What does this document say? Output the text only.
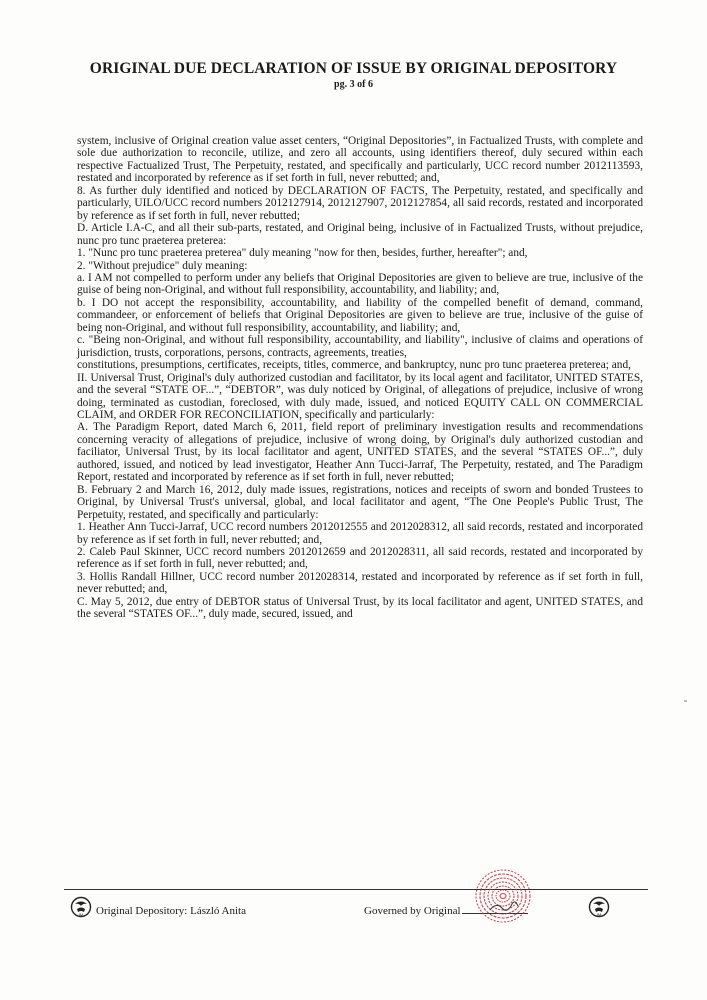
ORIGINAL DUE DECLARATION OF ISSUE BY ORIGINAL DEPOSITORY
pg. 3 of 6

system, inclusive of Original creation value asset centers, “Original Depositories”, in Factualized Trusts, with complete and sole due authorization to reconcile, utilize, and zero all accounts, using identifiers thereof, duly secured within each respective Factualized Trust, The Perpetuity, restated, and specifically and particularly, UCC record number 2012113593, restated and incorporated by reference as if set forth in full, never rebutted; and,

8. As further duly identified and noticed by DECLARATION OF FACTS, The Perpetuity, restated, and specifically and particularly, UILO/UCC record numbers 2012127914, 2012127907, 2012127854, all said records, restated and incorporated by reference as if set forth in full, never rebutted;

D. Article I.A-C, and all their sub-parts, restated, and Original being, inclusive of in Factualized Trusts, without prejudice, nunc pro tunc praeterea preterea:

1. "Nunc pro tunc praeterea preterea" duly meaning "now for then, besides, further, hereafter"; and,

2. "Without prejudice" duly meaning:

a. I AM not compelled to perform under any beliefs that Original Depositories are given to believe are true, inclusive of the guise of being non-Original, and without full responsibility, accountability, and liability; and,

b. I DO not accept the responsibility, accountability, and liability of the compelled benefit of demand, command, commandeer, or enforcement of beliefs that Original Depositories are given to believe are true, inclusive of the guise of being non-Original, and without full responsibility, accountability, and liability; and,

c. "Being non-Original, and without full responsibility, accountability, and liability", inclusive of claims and operations of jurisdiction, trusts, corporations, persons, contracts, agreements, treaties,

constitutions, presumptions, certificates, receipts, titles, commerce, and bankruptcy, nunc pro tunc praeterea preterea; and,

II. Universal Trust, Original's duly authorized custodian and facilitator, by its local agent and facilitator, UNITED STATES, and the several “STATE OF...”, “DEBTOR”, was duly noticed by Original, of allegations of prejudice, inclusive of wrong doing, terminated as custodian, foreclosed, with duly made, issued, and noticed EQUITY CALL ON COMMERCIAL CLAIM, and ORDER FOR RECONCILIATION, specifically and particularly:

A. The Paradigm Report, dated March 6, 2011, field report of preliminary investigation results and recommendations concerning veracity of allegations of prejudice, inclusive of wrong doing, by Original's duly authorized custodian and faciliator, Universal Trust, by its local facilitator and agent, UNITED STATES, and the several “STATES OF...”, duly authored, issued, and noticed by lead investigator, Heather Ann Tucci-Jarraf, The Perpetuity, restated, and The Paradigm Report, restated and incorporated by reference as if set forth in full, never rebutted;

B. February 2 and March 16, 2012, duly made issues, registrations, notices and receipts of sworn and bonded Trustees to Original, by Universal Trust's universal, global, and local facilitator and agent, “The One People's Public Trust, The Perpetuity, restated, and specifically and particularly:

1. Heather Ann Tucci-Jarraf, UCC record numbers 2012012555 and 2012028312, all said records, restated and incorporated by reference as if set forth in full, never rebutted; and,

2. Caleb Paul Skinner, UCC record numbers 2012012659 and 2012028311, all said records, restated and incorporated by reference as if set forth in full, never rebutted; and,

3. Hollis Randall Hillner, UCC record number 2012028314, restated and incorporated by reference as if set forth in full, never rebutted; and,

C. May 5, 2012, due entry of DEBTOR status of Universal Trust, by its local facilitator and agent, UNITED STATES, and the several “STATES OF...”, duly made, secured, issued, and

IM Original Depository: László Anita	Governed by Original	IM
